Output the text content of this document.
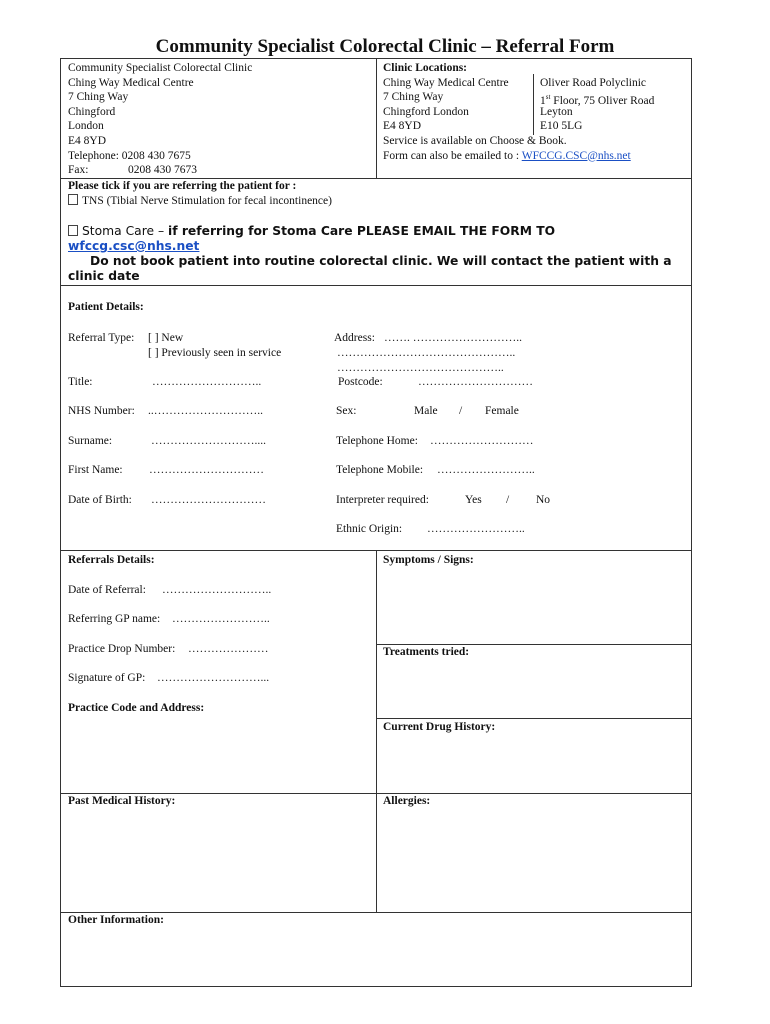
Community Specialist Colorectal Clinic – Referral Form
Community Specialist Colorectal Clinic
Ching Way Medical Centre
7 Ching Way
Chingford
London
E4 8YD
Telephone: 0208 430 7675
Fax:	0208 430 7673
Clinic Locations:
Ching Way Medical Centre
7 Ching Way
Chingford London
E4 8YD
Oliver Road Polyclinic
1st Floor, 75 Oliver Road
Leyton
E10 5LG
Service is available on Choose & Book.
Form can also be emailed to : WFCCG.CSC@nhs.net
Please tick if you are referring the patient for :
TNS (Tibial Nerve Stimulation for fecal incontinence)
Stoma Care – if referring for Stoma Care PLEASE EMAIL THE FORM TO
wfccg.csc@nhs.net
Do not book patient into routine colorectal clinic. We will contact the patient with a
clinic date
Patient Details:
Referral Type: [ ] New
[ ] Previously seen in service
Address: ……. ………………………..
………………………………………..
……………………………………..
Title:	………………………..	Postcode:	…………………………
NHS Number: ..………………………..	Sex:	Male / Female
Surname:	………………………....	Telephone Home: ………………………
First Name: …………………………	Telephone Mobile: ……………………..
Date of Birth: …………………………	Interpreter required:	Yes / No
Ethnic Origin: ……………………..
Referrals Details:
Date of Referral: ………………………..
Referring GP name: ……………………..
Practice Drop Number: …………………
Signature of GP: ………………………...
Practice Code and Address:
Symptoms / Signs:
Treatments tried:
Current Drug History:
Past Medical History:	Allergies:
Other Information:
